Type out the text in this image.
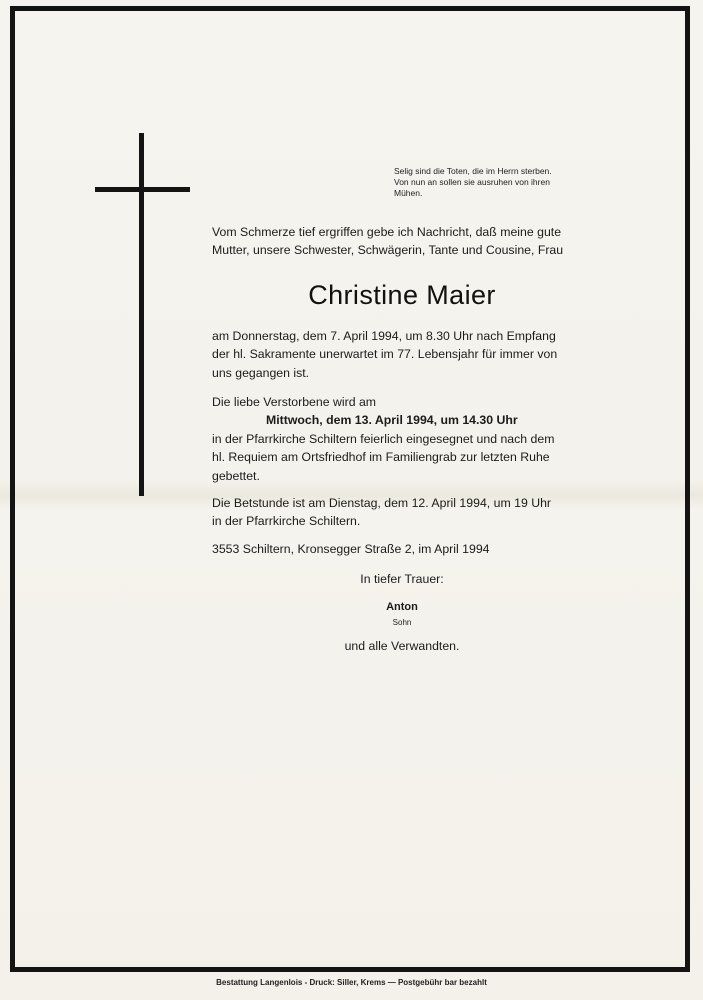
Selig sind die Toten, die im Herrn sterben.
Von nun an sollen sie ausruhen von ihren
Mühen.
Vom Schmerze tief ergriffen gebe ich Nachricht, daß meine gute
Mutter, unsere Schwester, Schwägerin, Tante und Cousine, Frau
Christine Maier
am Donnerstag, dem 7. April 1994, um 8.30 Uhr nach Empfang
der hl. Sakramente unerwartet im 77. Lebensjahr für immer von
uns gegangen ist.
Die liebe Verstorbene wird am
Mittwoch, dem 13. April 1994, um 14.30 Uhr
in der Pfarrkirche Schiltern feierlich eingesegnet und nach dem
hl. Requiem am Ortsfriedhof im Familiengrab zur letzten Ruhe
gebettet.
Die Betstunde ist am Dienstag, dem 12. April 1994, um 19 Uhr
in der Pfarrkirche Schiltern.
3553 Schiltern, Kronsegger Straße 2, im April 1994
In tiefer Trauer:
Anton
Sohn
und alle Verwandten.
Bestattung Langenlois - Druck: Siller, Krems — Postgebühr bar bezahlt
